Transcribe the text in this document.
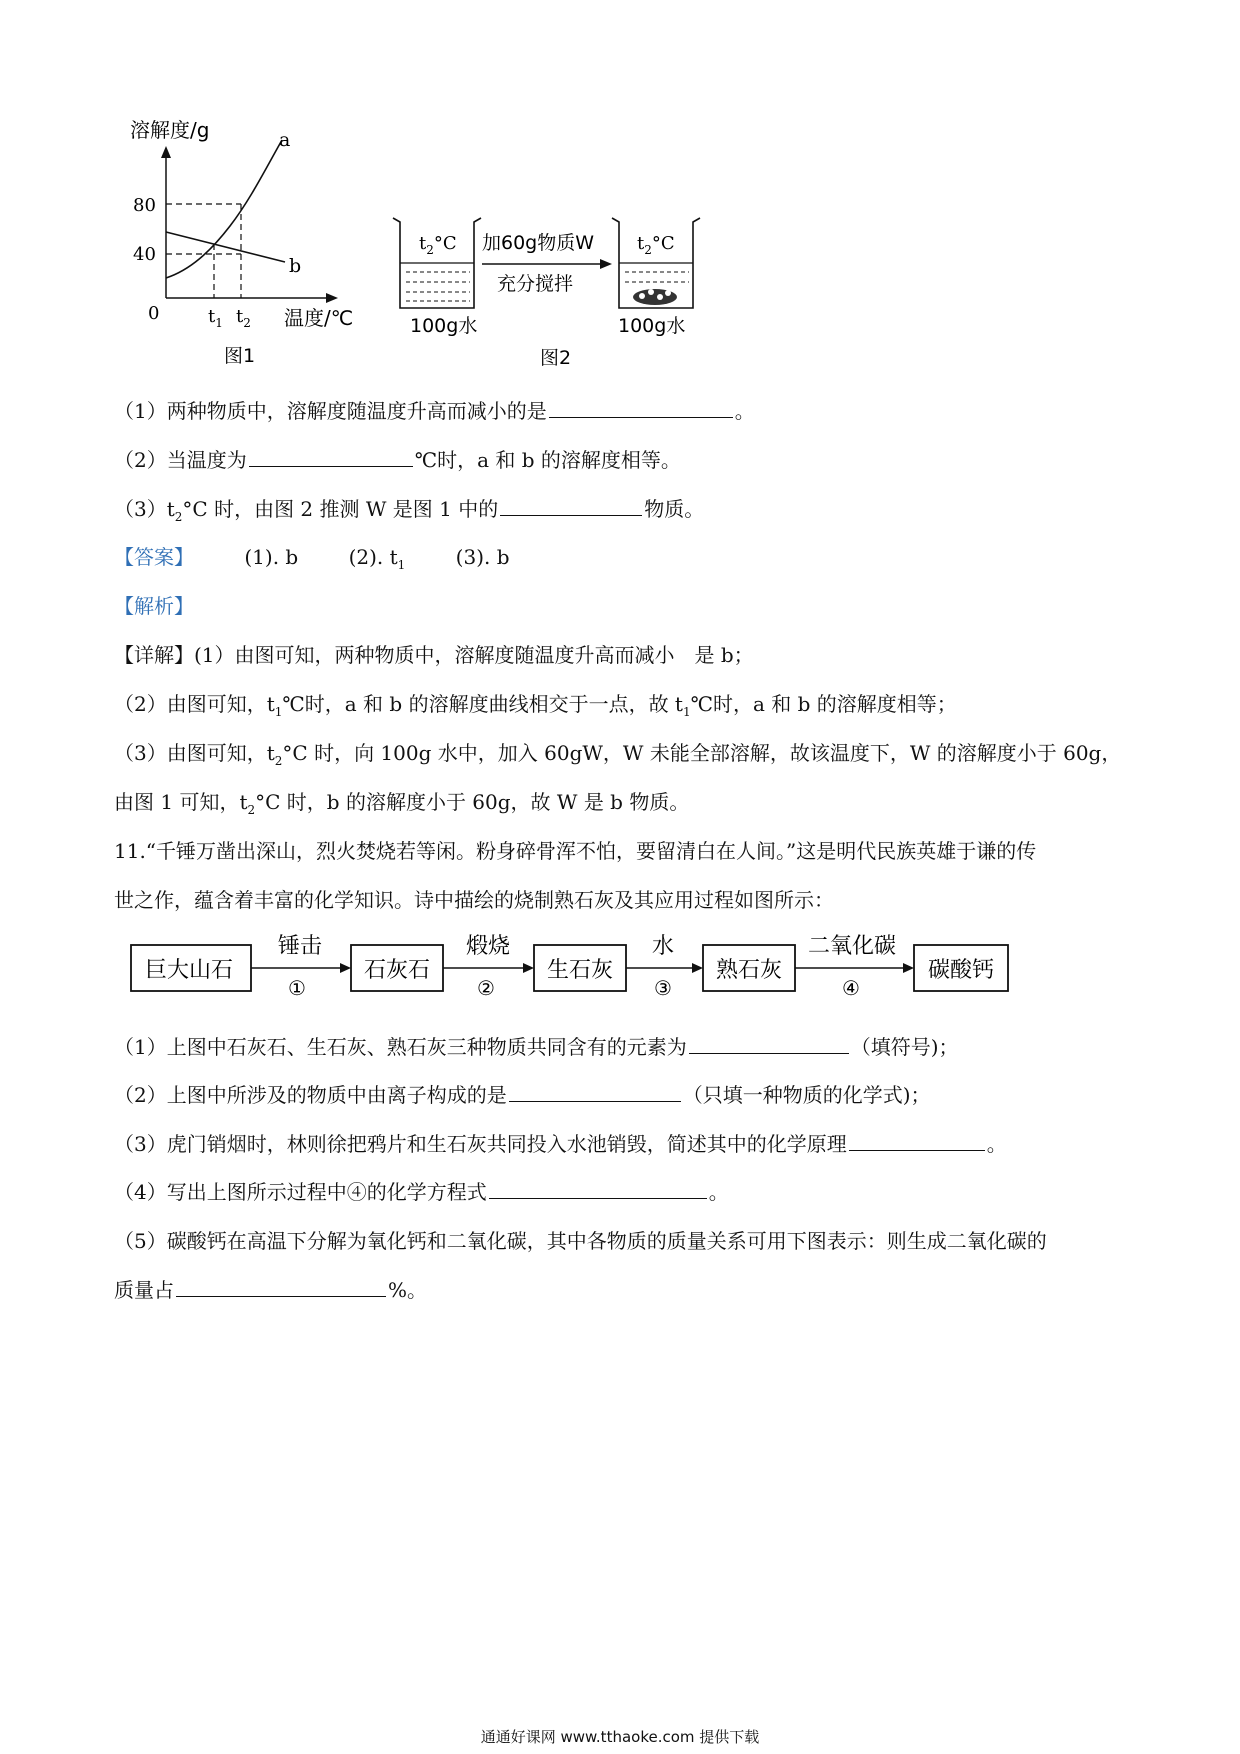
溶解度/g
温度/℃
0
80
40
$t_1$ $t_2$
a
b
图1
$t_2^\circ C$ 加60g物质W
充分搅拌
$t_2^\circ C$
100g水	100g水
图2
巨大山石
锤击
①
石灰石
煅烧
②
生石灰
水
③
熟石灰
二氧化碳
④
碳酸钙
（1）两种物质中，溶解度随温度升高而减小的是	。
（2）当温度为	℃时，a 和 b 的溶解度相等。
$(3)t_2^\circ C$ 时，由图 2 推测 W 是图 1 中的	物质。
【答案】	(1). b	(2). $t_1$	(3). b
【解析】
【详解】(1）由图可知，两种物质中，溶解度随温度升高而减小　是 b；
（2）由图可知，$t_1℃$时，a 和 b 的溶解度曲线相交于一点，故 $t_1℃$时，a 和 b 的溶解度相等；
（3）由图可知，$t_2^\circ C$ 时，向 100g 水中，加入 60gW，W 未能全部溶解，故该温度下，W 的溶解度小于 60g，
由图 1 可知，$t_2^\circ C$ 时，b 的溶解度小于 60g，故 W 是 b 物质。
11.“千锤万凿出深山，烈火焚烧若等闲。粉身碎骨浑不怕，要留清白在人间。”这是明代民族英雄于谦的传
世之作，蕴含着丰富的化学知识。诗中描绘的烧制熟石灰及其应用过程如图所示：
（1）上图中石灰石、生石灰、熟石灰三种物质共同含有的元素为	（填符号)；
（2）上图中所涉及的物质中由离子构成的是	（只填一种物质的化学式)；
（3）虎门销烟时，林则徐把鸦片和生石灰共同投入水池销毁，简述其中的化学原理	。
（4）写出上图所示过程中④的化学方程式	。
（5）碳酸钙在高温下分解为氧化钙和二氧化碳，其中各物质的质量关系可用下图表示：则生成二氧化碳的
质量占	%。
通通好课网 www.tthaoke.com 提供下载
